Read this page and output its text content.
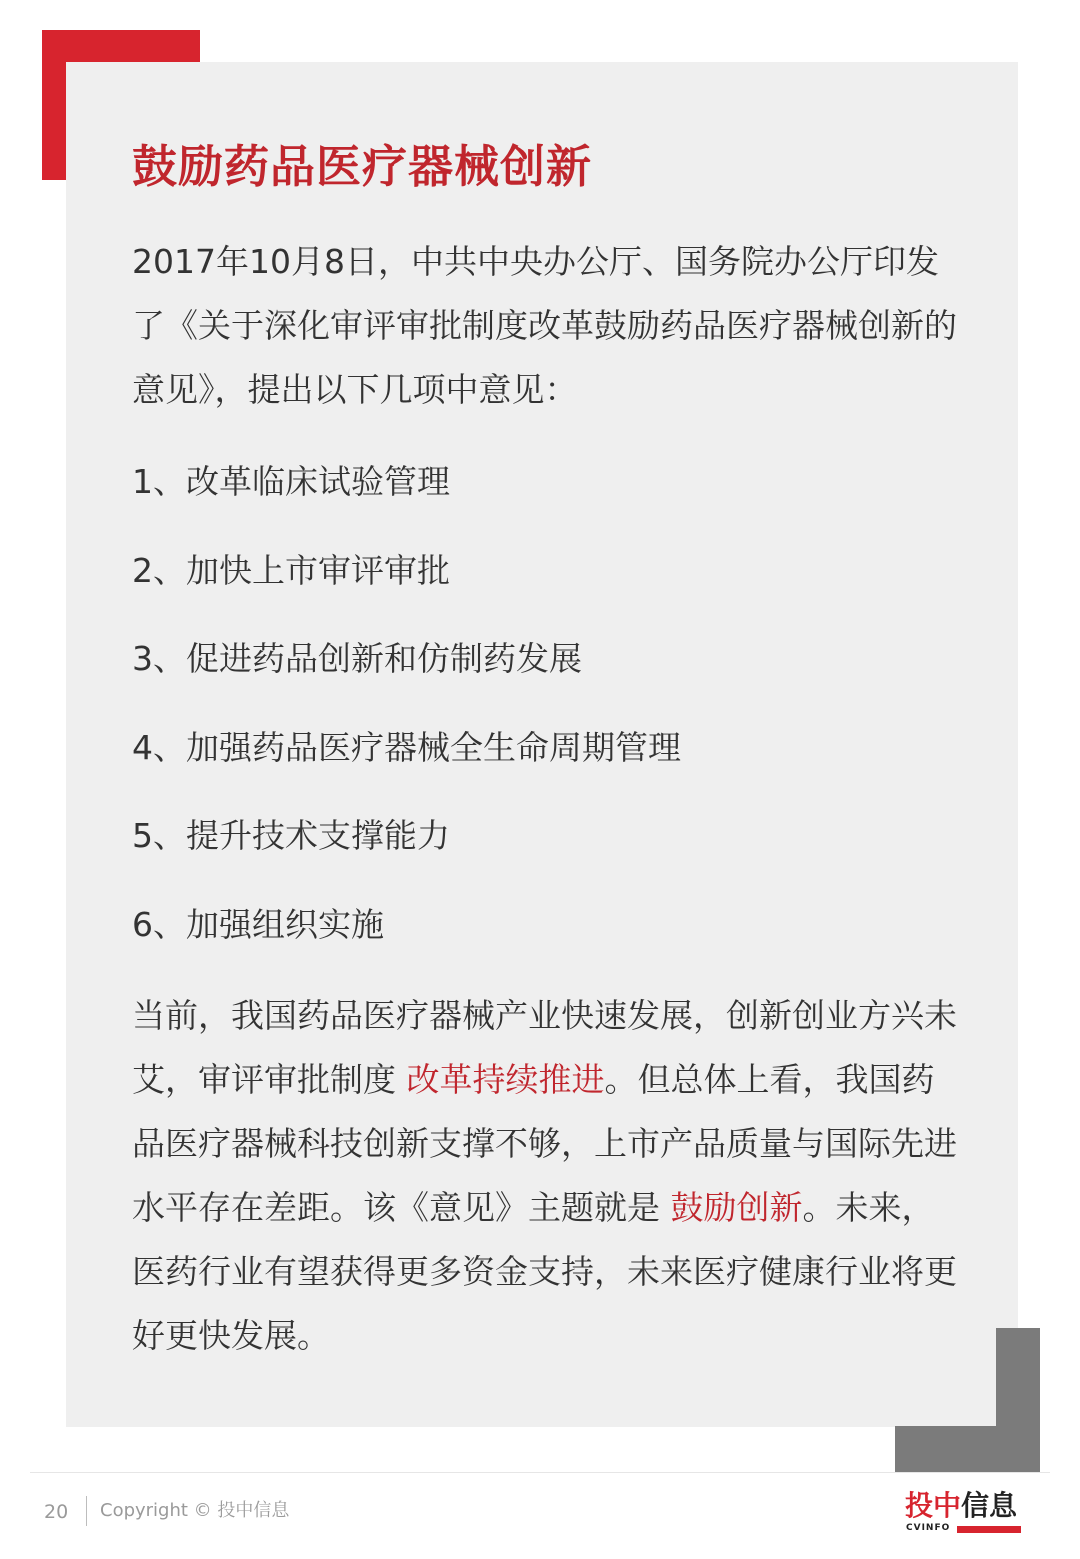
鼓励药品医疗器械创新

2017年10月8日，中共中央办公厅、国务院办公厅印发了《关于深化审评审批制度改革鼓励药品医疗器械创新的意见》，提出以下几项中意见：

1、改革临床试验管理
2、加快上市审评审批
3、促进药品创新和仿制药发展
4、加强药品医疗器械全生命周期管理
5、提升技术支撑能力
6、加强组织实施

当前，我国药品医疗器械产业快速发展，创新创业方兴未艾，审评审批制度 改革持续推进。但总体上看，我国药品医疗器械科技创新支撑不够，上市产品质量与国际先进水平存在差距。该《意见》主题就是 鼓励创新。未来，医药行业有望获得更多资金支持，未来医疗健康行业将更好更快发展。

20 Copyright © 投中信息	投中信息
CVINFO
